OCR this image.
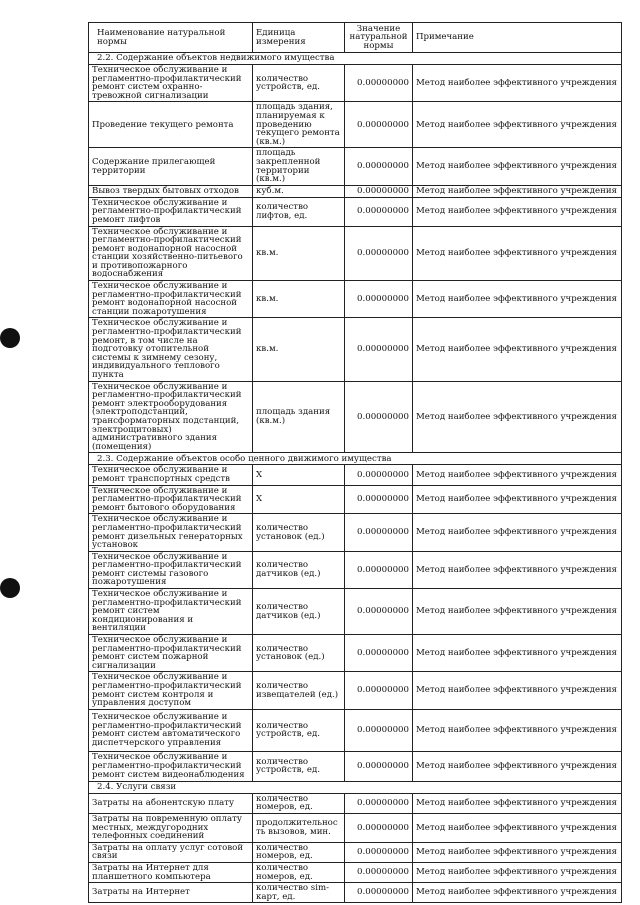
Наименование натуральной нормы	Единица измерения	Значение натуральной нормы	Примечание
2.2. Содержание объектов недвижимого имущества			
Техническое обслуживание и регламентно-профилактический ремонт систем охранно-тревожной сигнализации	количество устройств, ед.	0.00000000	Метод наиболее эффективного учреждения
Проведение текущего ремонта	площадь здания, планируемая к проведению текущего ремонта (кв.м.)	0.00000000	Метод наиболее эффективного учреждения
Содержание прилегающей территории	площадь закрепленной территории (кв.м.)	0.00000000	Метод наиболее эффективного учреждения
Вывоз твердых бытовых отходов	куб.м.	0.00000000	Метод наиболее эффективного учреждения
Техническое обслуживание и регламентно-профилактический ремонт лифтов	количество лифтов, ед.	0.00000000	Метод наиболее эффективного учреждения
Техническое обслуживание и регламентно-профилактический ремонт водонапорной насосной станции хозяйственно-питьевого и противопожарного водоснабжения	кв.м.	0.00000000	Метод наиболее эффективного учреждения
Техническое обслуживание и регламентно-профилактический ремонт водонапорной насосной станции пожаротушения	кв.м.	0.00000000	Метод наиболее эффективного учреждения
Техническое обслуживание и регламентно-профилактический ремонт, в том числе на подготовку отопительной системы к зимнему сезону, индивидуального теплового пункта	кв.м.	0.00000000	Метод наиболее эффективного учреждения
Техническое обслуживание и регламентно-профилактический ремонт электрооборудования (электроподстанций, трансформаторных подстанций, электрощитовых) административного здания (помещения)	площадь здания (кв.м.)	0.00000000	Метод наиболее эффективного учреждения
2.3. Содержание объектов особо ценного движимого имущества			
Техническое обслуживание и ремонт транспортных средств	Х	0.00000000	Метод наиболее эффективного учреждения
Техническое обслуживание и регламентно-профилактический ремонт бытового оборудования	Х	0.00000000	Метод наиболее эффективного учреждения
Техническое обслуживание и регламентно-профилактический ремонт дизельных генераторных установок	количество установок (ед.)	0.00000000	Метод наиболее эффективного учреждения
Техническое обслуживание и регламентно-профилактический ремонт системы газового пожаротушения	количество датчиков (ед.)	0.00000000	Метод наиболее эффективного учреждения
Техническое обслуживание и регламентно-профилактический ремонт систем кондиционирования и вентиляции	количество датчиков (ед.)	0.00000000	Метод наиболее эффективного учреждения
Техническое обслуживание и регламентно-профилактический ремонт систем пожарной сигнализации	количество установок (ед.)	0.00000000	Метод наиболее эффективного учреждения
Техническое обслуживание и регламентно-профилактический ремонт систем контроля и управления доступом	количество извещателей (ед.)	0.00000000	Метод наиболее эффективного учреждения
Техническое обслуживание и регламентно-профилактический ремонт систем автоматического диспетчерского управления	количество устройств, ед.	0.00000000	Метод наиболее эффективного учреждения
Техническое обслуживание и регламентно-профилактический ремонт систем видеонаблюдения	количество устройств, ед.	0.00000000	Метод наиболее эффективного учреждения
2.4. Услуги связи			
Затраты на абонентскую плату	количество номеров, ед.	0.00000000	Метод наиболее эффективного учреждения
Затраты на повременную оплату местных, междугородних телефонных соединений	продолжительность вызовов, мин.	0.00000000	Метод наиболее эффективного учреждения
Затраты на оплату услуг сотовой связи	количество номеров, ед.	0.00000000	Метод наиболее эффективного учреждения
Затраты на Интернет для планшетного компьютера	количество номеров, ед.	0.00000000	Метод наиболее эффективного учреждения
Затраты на Интернет	количество sim-карт, ед.	0.00000000	Метод наиболее эффективного учреждения
